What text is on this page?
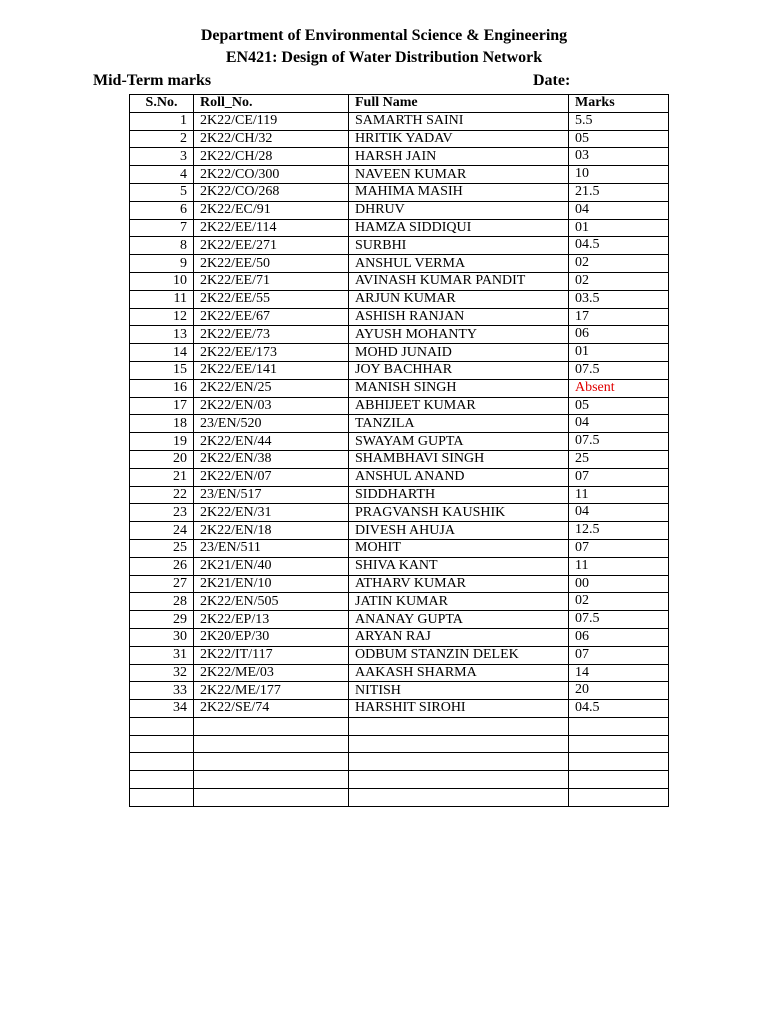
Department of Environmental Science & Engineering
EN421: Design of Water Distribution Network
Mid-Term marks	Date:
S.No.	Roll_No.	Full Name	Marks
1	2K22/CE/119	SAMARTH SAINI	5.5
2	2K22/CH/32	HRITIK YADAV	05
3	2K22/CH/28	HARSH JAIN	03
4	2K22/CO/300	NAVEEN KUMAR	10
5	2K22/CO/268	MAHIMA MASIH	21.5
6	2K22/EC/91	DHRUV	04
7	2K22/EE/114	HAMZA SIDDIQUI	01
8	2K22/EE/271	SURBHI	04.5
9	2K22/EE/50	ANSHUL VERMA	02
10	2K22/EE/71	AVINASH KUMAR PANDIT	02
11	2K22/EE/55	ARJUN KUMAR	03.5
12	2K22/EE/67	ASHISH RANJAN	17
13	2K22/EE/73	AYUSH MOHANTY	06
14	2K22/EE/173	MOHD JUNAID	01
15	2K22/EE/141	JOY BACHHAR	07.5
16	2K22/EN/25	MANISH SINGH	Absent
17	2K22/EN/03	ABHIJEET KUMAR	05
18	23/EN/520	TANZILA	04
19	2K22/EN/44	SWAYAM GUPTA	07.5
20	2K22/EN/38	SHAMBHAVI SINGH	25
21	2K22/EN/07	ANSHUL ANAND	07
22	23/EN/517	SIDDHARTH	11
23	2K22/EN/31	PRAGVANSH KAUSHIK	04
24	2K22/EN/18	DIVESH AHUJA	12.5
25	23/EN/511	MOHIT	07
26	2K21/EN/40	SHIVA KANT	11
27	2K21/EN/10	ATHARV KUMAR	00
28	2K22/EN/505	JATIN KUMAR	02
29	2K22/EP/13	ANANAY GUPTA	07.5
30	2K20/EP/30	ARYAN RAJ	06
31	2K22/IT/117	ODBUM STANZIN DELEK	07
32	2K22/ME/03	AAKASH SHARMA	14
33	2K22/ME/177	NITISH	20
34	2K22/SE/74	HARSHIT SIROHI	04.5
